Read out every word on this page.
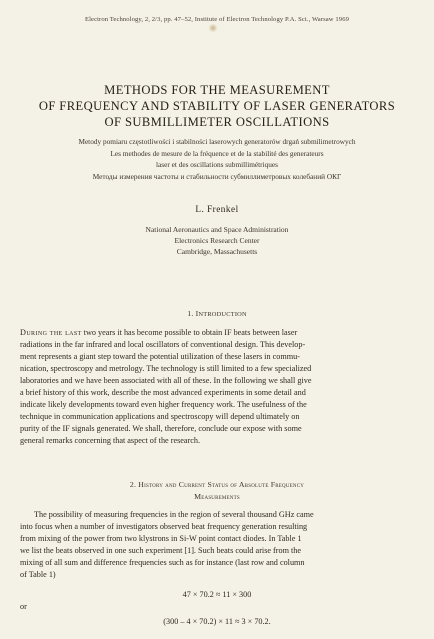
Electron Technology, 2, 2/3, pp. 47–52, Institute of Electron Technology P.A. Sci., Warsaw 1969
METHODS FOR THE MEASUREMENT
OF FREQUENCY AND STABILITY OF LASER GENERATORS
OF SUBMILLIMETER OSCILLATIONS
Metody pomiaru częstotliwości i stabilności laserowych generatorów drgań submilimetrowych
Les methodes de mesure de la fréquence et de la stabilité des generateurs
laser et des oscillations submillimétriques
Методы измерения частоты и стабильности субмиллиметровых колебаний ОКГ
L. Frenkel
National Aeronautics and Space Administration
Electronics Research Center
Cambridge, Massachusetts
1. INTRODUCTION
During the last two years it has become possible to obtain IF beats between laser
radiations in the far infrared and local oscillators of conventional design. This develop-
ment represents a giant step toward the potential utilization of these lasers in commu-
nication, spectroscopy and metrology. The technology is still limited to a few specialized
laboratories and we have been associated with all of these. In the following we shall give
a brief history of this work, describe the most advanced experiments in some detail and
indicate likely developments toward even higher frequency work. The usefulness of the
technique in communication applications and spectroscopy will depend ultimately on
purity of the IF signals generated. We shall, therefore, conclude our expose with some
general remarks concerning that aspect of the research.
2. History and Current Status of Absolute Frequency
Measurements
The possibility of measuring frequencies in the region of several thousand GHz came
into focus when a number of investigators observed beat frequency generation resulting
from mixing of the power from two klystrons in Si-W point contact diodes. In Table 1
we list the beats observed in one such experiment [1]. Such beats could arise from the
mixing of all sum and difference frequencies such as for instance (last row and column
of Table 1)
47 × 70.2 ≈ 11 × 300
or
(300 – 4 × 70.2) × 11 ≈ 3 × 70.2.
